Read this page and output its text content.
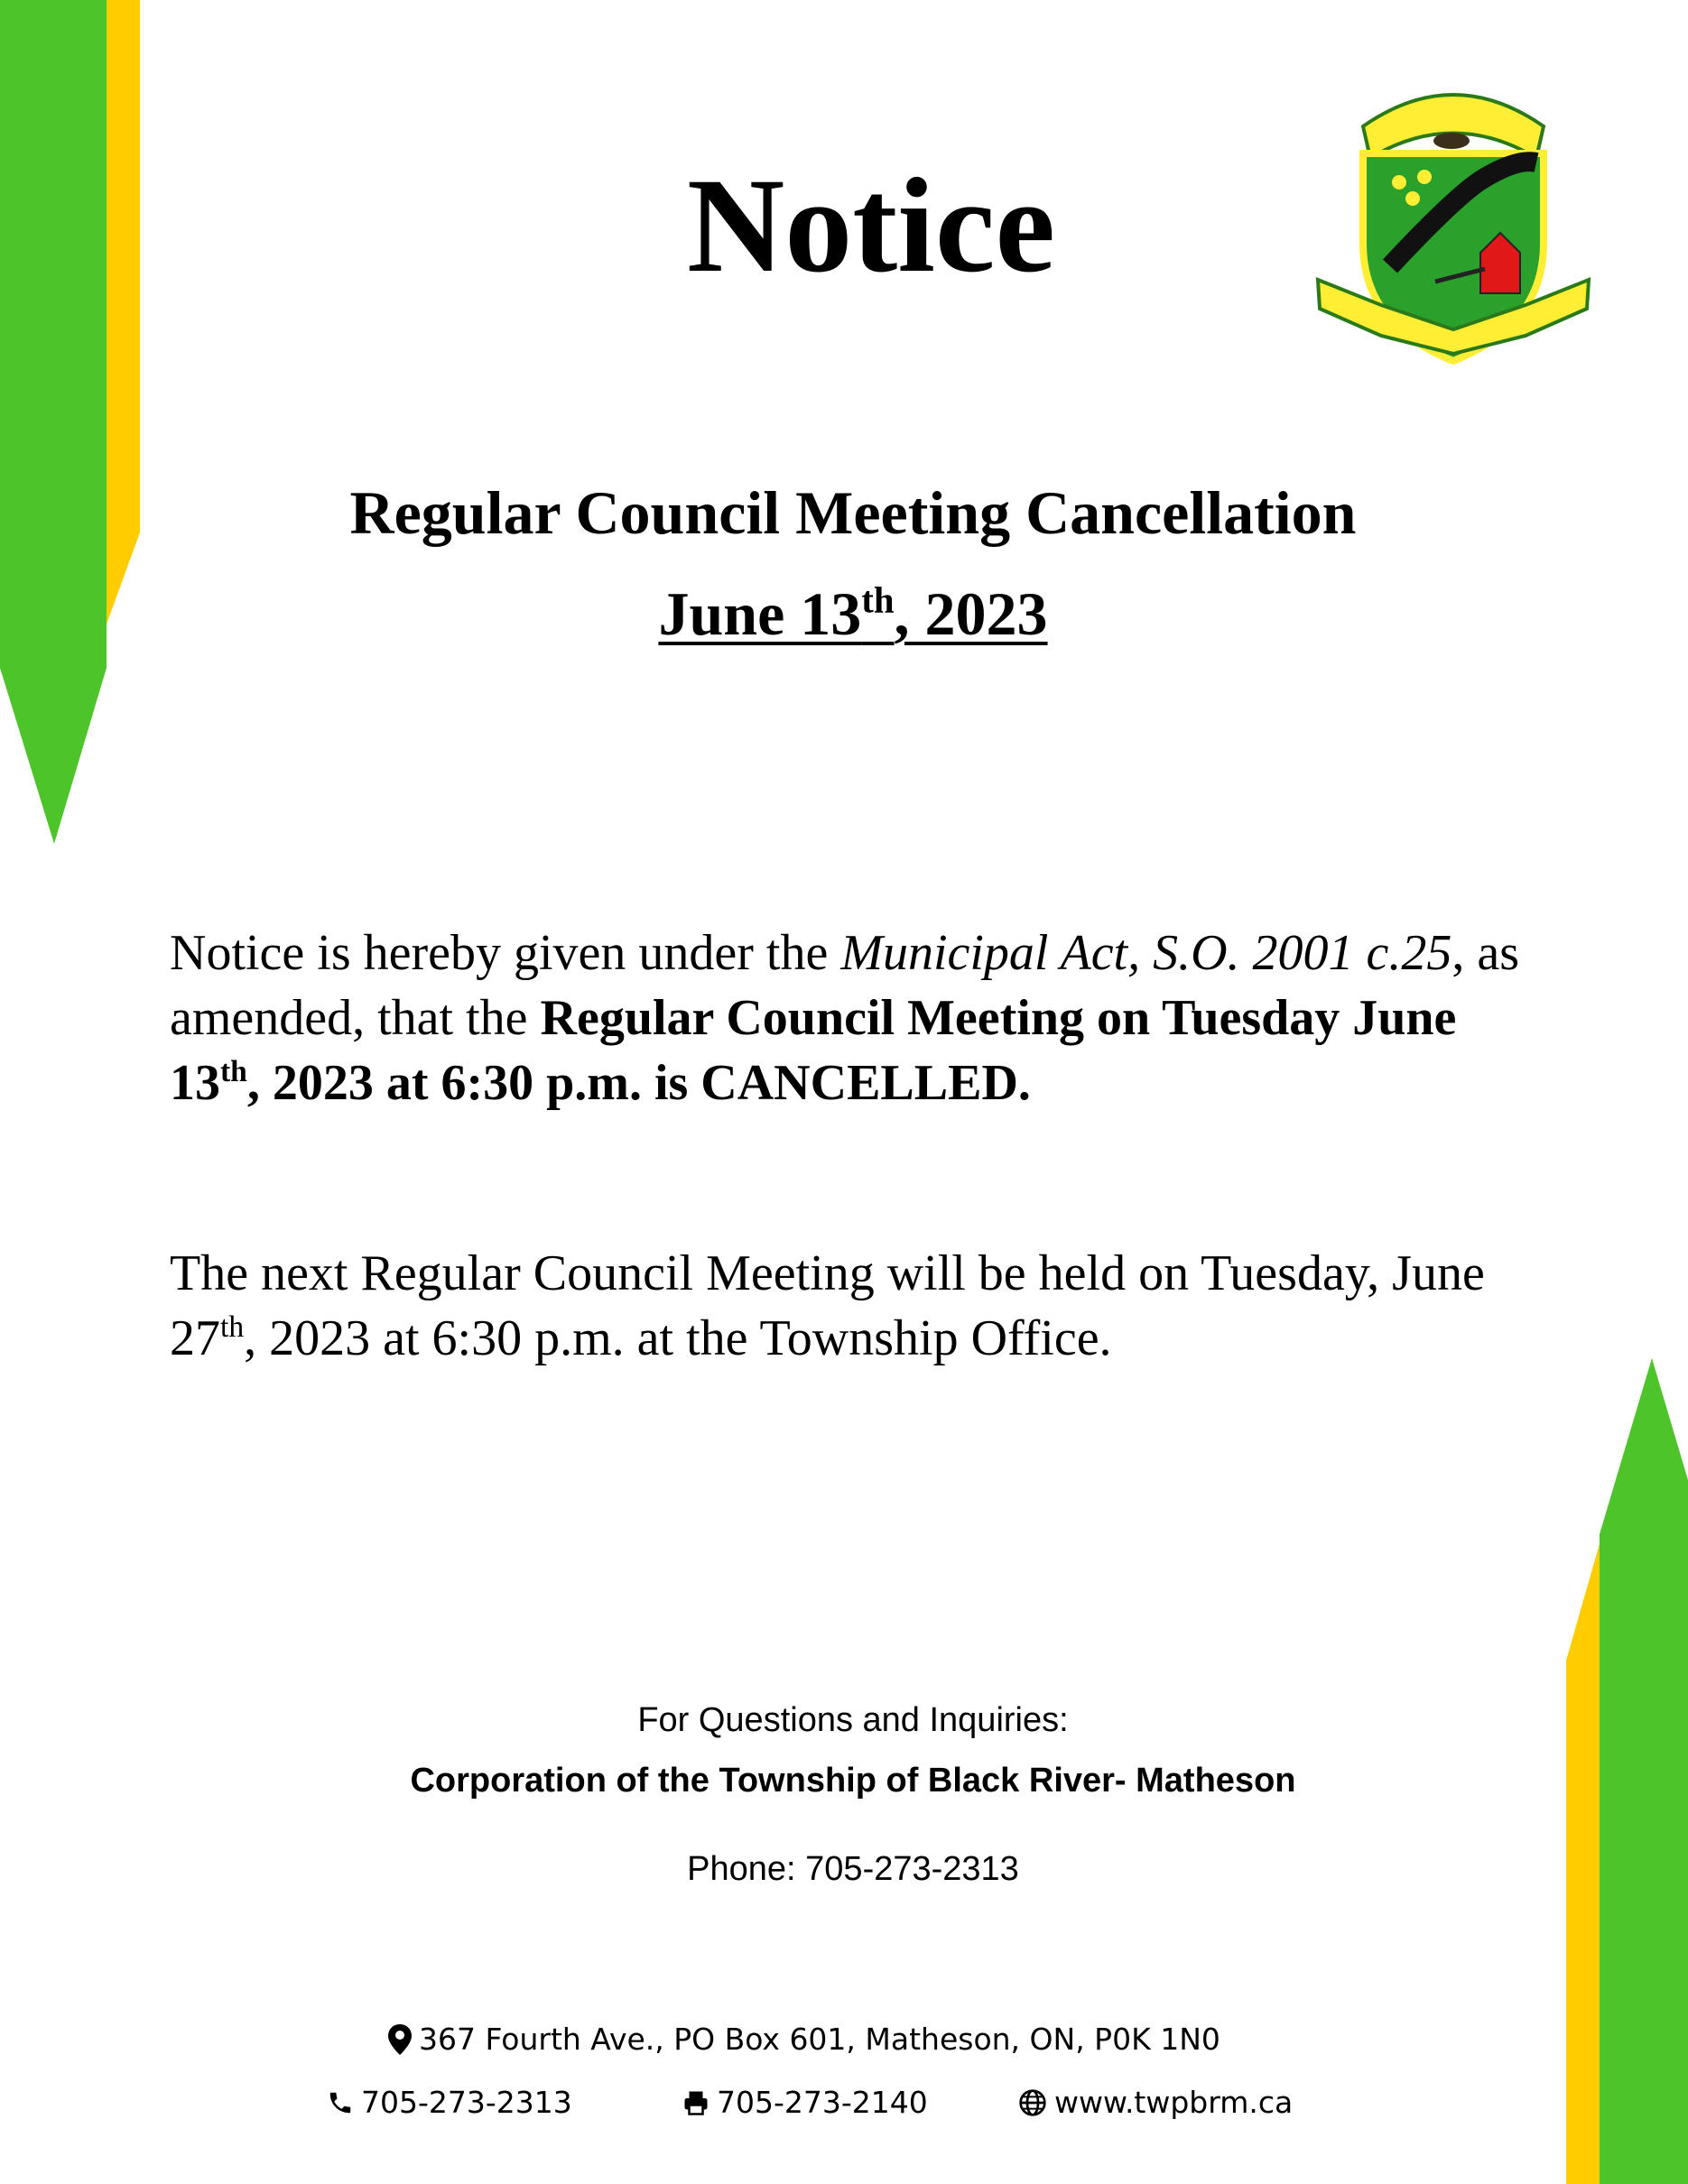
Notice

Regular Council Meeting Cancellation

June 13th, 2023

Notice is hereby given under the Municipal Act, S.O. 2001 c.25, as amended, that the Regular Council Meeting on Tuesday June 13th, 2023 at 6:30 p.m. is CANCELLED.

The next Regular Council Meeting will be held on Tuesday, June 27th, 2023 at 6:30 p.m. at the Township Office.

For Questions and Inquiries:

Corporation of the Township of Black River- Matheson

Phone: 705-273-2313

367 Fourth Ave., PO Box 601, Matheson, ON, P0K 1N0
705-273-2313	705-273-2140	www.twpbrm.ca
